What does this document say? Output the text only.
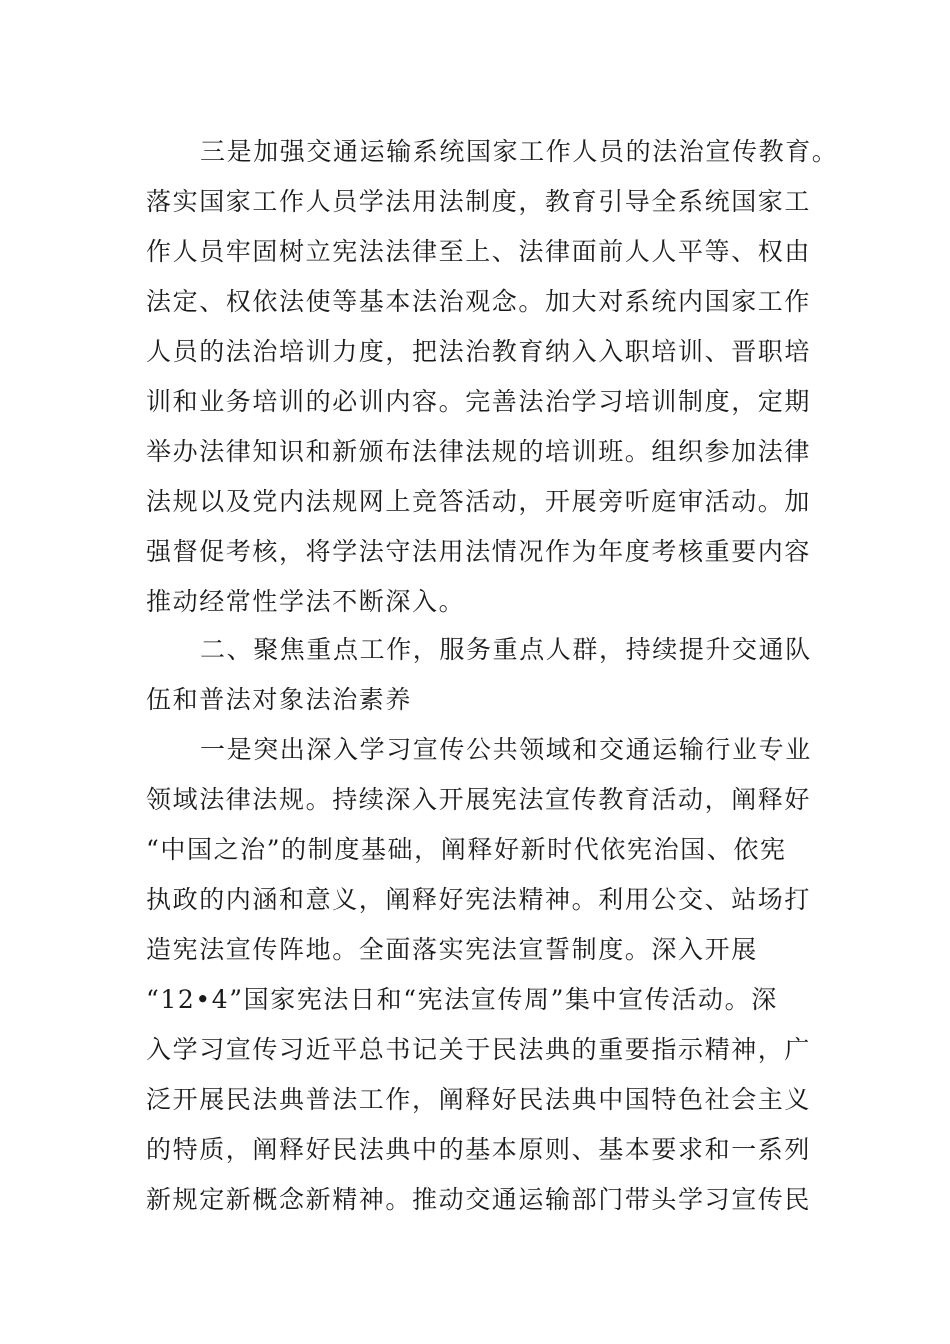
三是加强交通运输系统国家工作人员的法治宣传教育。
落实国家工作人员学法用法制度，教育引导全系统国家工
作人员牢固树立宪法法律至上、法律面前人人平等、权由
法定、权依法使等基本法治观念。加大对系统内国家工作
人员的法治培训力度，把法治教育纳入入职培训、晋职培
训和业务培训的必训内容。完善法治学习培训制度，定期
举办法律知识和新颁布法律法规的培训班。组织参加法律
法规以及党内法规网上竞答活动，开展旁听庭审活动。加
强督促考核，将学法守法用法情况作为年度考核重要内容
推动经常性学法不断深入。
二、聚焦重点工作，服务重点人群，持续提升交通队
伍和普法对象法治素养
一是突出深入学习宣传公共领域和交通运输行业专业
领域法律法规。持续深入开展宪法宣传教育活动，阐释好
“中国之治”的制度基础，阐释好新时代依宪治国、依宪
执政的内涵和意义，阐释好宪法精神。利用公交、站场打
造宪法宣传阵地。全面落实宪法宣誓制度。深入开展
“12•4”国家宪法日和“宪法宣传周”集中宣传活动。深
入学习宣传习近平总书记关于民法典的重要指示精神，广
泛开展民法典普法工作，阐释好民法典中国特色社会主义
的特质，阐释好民法典中的基本原则、基本要求和一系列
新规定新概念新精神。推动交通运输部门带头学习宣传民
